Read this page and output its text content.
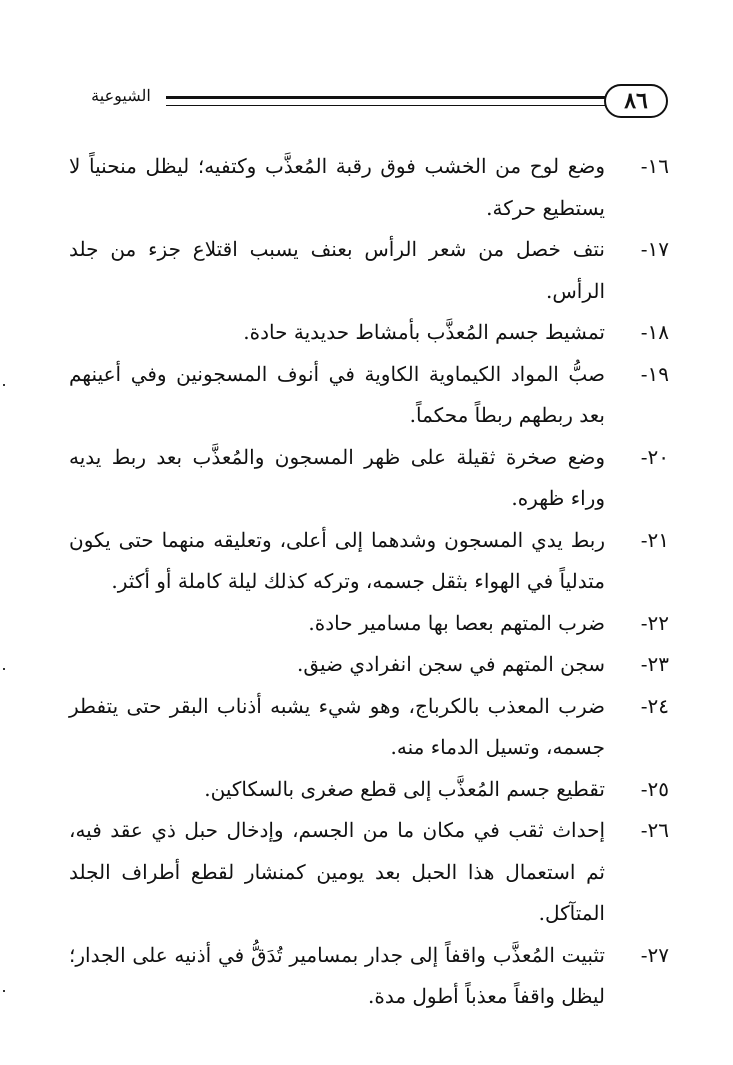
٨٦
الشيوعية
١٦-
وضع لوح من الخشب فوق رقبة المُعذَّب وكتفيه؛ ليظل منحنياً لا يستطيع حركة.
١٧-
نتف خصل من شعر الرأس بعنف يسبب اقتلاع جزء من جلد الرأس.
١٨-
تمشيط جسم المُعذَّب بأمشاط حديدية حادة.
١٩-
صبُّ المواد الكيماوية الكاوية في أنوف المسجونين وفي أعينهم بعد ربطهم ربطاً محكماً.
٢٠-
وضع صخرة ثقيلة على ظهر المسجون والمُعذَّب بعد ربط يديه وراء ظهره.
٢١-
ربط يدي المسجون وشدهما إلى أعلى، وتعليقه منهما حتى يكون متدلياً في الهواء بثقل جسمه، وتركه كذلك ليلة كاملة أو أكثر.
٢٢-
ضرب المتهم بعصا بها مسامير حادة.
٢٣-
سجن المتهم في سجن انفرادي ضيق.
٢٤-
ضرب المعذب بالكرباج، وهو شيء يشبه أذناب البقر حتى يتفطر جسمه، وتسيل الدماء منه.
٢٥-
تقطيع جسم المُعذَّب إلى قطع صغرى بالسكاكين.
٢٦-
إحداث ثقب في مكان ما من الجسم، وإدخال حبل ذي عقد فيه، ثم استعمال هذا الحبل بعد يومين كمنشار لقطع أطراف الجلد المتآكل.
٢٧-
تثبيت المُعذَّب واقفاً إلى جدار بمسامير تُدَقُّ في أذنيه على الجدار؛ ليظل واقفاً معذباً أطول مدة.
